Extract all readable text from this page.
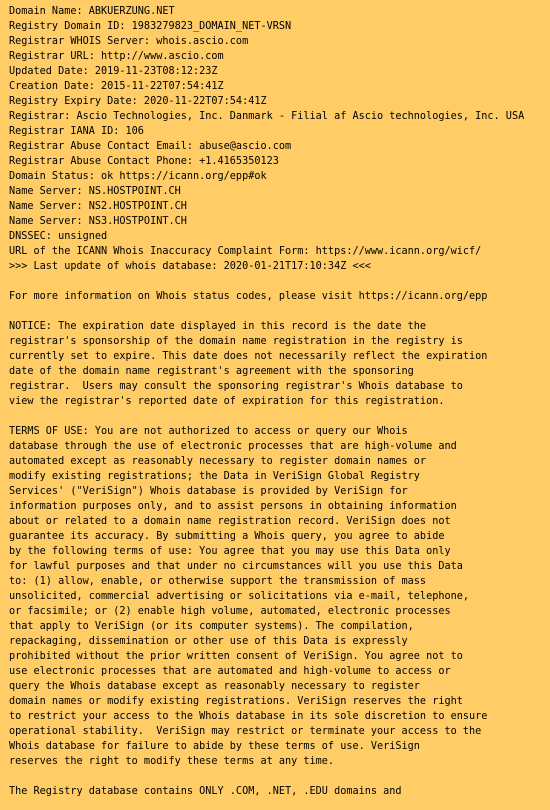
Domain Name: ABKUERZUNG.NET
Registry Domain ID: 1983279823_DOMAIN_NET-VRSN
Registrar WHOIS Server: whois.ascio.com
Registrar URL: http://www.ascio.com
Updated Date: 2019-11-23T08:12:23Z
Creation Date: 2015-11-22T07:54:41Z
Registry Expiry Date: 2020-11-22T07:54:41Z
Registrar: Ascio Technologies, Inc. Danmark - Filial af Ascio technologies, Inc. USA
Registrar IANA ID: 106
Registrar Abuse Contact Email: abuse@ascio.com
Registrar Abuse Contact Phone: +1.4165350123
Domain Status: ok https://icann.org/epp#ok
Name Server: NS.HOSTPOINT.CH
Name Server: NS2.HOSTPOINT.CH
Name Server: NS3.HOSTPOINT.CH
DNSSEC: unsigned
URL of the ICANN Whois Inaccuracy Complaint Form: https://www.icann.org/wicf/
>>> Last update of whois database: 2020-01-21T17:10:34Z <<<
For more information on Whois status codes, please visit https://icann.org/epp
NOTICE: The expiration date displayed in this record is the date the
registrar's sponsorship of the domain name registration in the registry is
currently set to expire. This date does not necessarily reflect the expiration
date of the domain name registrant's agreement with the sponsoring
registrar.  Users may consult the sponsoring registrar's Whois database to
view the registrar's reported date of expiration for this registration.
TERMS OF USE: You are not authorized to access or query our Whois
database through the use of electronic processes that are high-volume and
automated except as reasonably necessary to register domain names or
modify existing registrations; the Data in VeriSign Global Registry
Services' ("VeriSign") Whois database is provided by VeriSign for
information purposes only, and to assist persons in obtaining information
about or related to a domain name registration record. VeriSign does not
guarantee its accuracy. By submitting a Whois query, you agree to abide
by the following terms of use: You agree that you may use this Data only
for lawful purposes and that under no circumstances will you use this Data
to: (1) allow, enable, or otherwise support the transmission of mass
unsolicited, commercial advertising or solicitations via e-mail, telephone,
or facsimile; or (2) enable high volume, automated, electronic processes
that apply to VeriSign (or its computer systems). The compilation,
repackaging, dissemination or other use of this Data is expressly
prohibited without the prior written consent of VeriSign. You agree not to
use electronic processes that are automated and high-volume to access or
query the Whois database except as reasonably necessary to register
domain names or modify existing registrations. VeriSign reserves the right
to restrict your access to the Whois database in its sole discretion to ensure
operational stability.  VeriSign may restrict or terminate your access to the
Whois database for failure to abide by these terms of use. VeriSign
reserves the right to modify these terms at any time.
The Registry database contains ONLY .COM, .NET, .EDU domains and
